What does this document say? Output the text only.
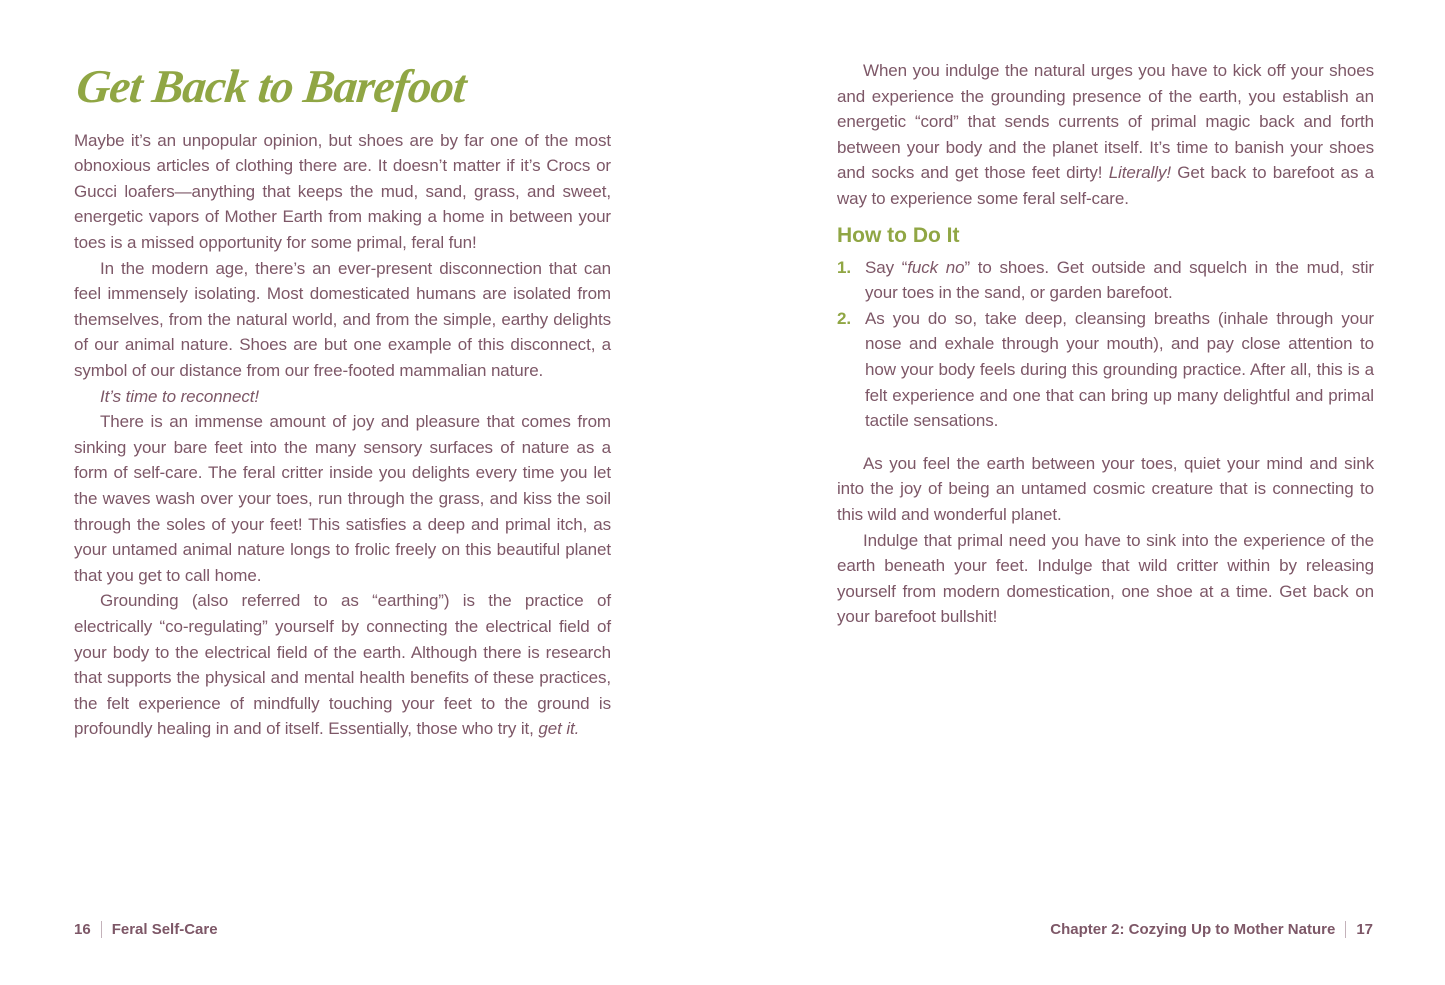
Get Back to Barefoot

Maybe it’s an unpopular opinion, but shoes are by far one of the most obnoxious articles of clothing there are. It doesn’t matter if it’s Crocs or Gucci loafers—anything that keeps the mud, sand, grass, and sweet, energetic vapors of Mother Earth from making a home in between your toes is a missed opportunity for some primal, feral fun!

In the modern age, there’s an ever-present disconnection that can feel immensely isolating. Most domesticated humans are isolated from themselves, from the natural world, and from the simple, earthy delights of our animal nature. Shoes are but one example of this disconnect, a symbol of our distance from our free-footed mammalian nature.

It’s time to reconnect!

There is an immense amount of joy and pleasure that comes from sinking your bare feet into the many sensory surfaces of nature as a form of self-care. The feral critter inside you delights every time you let the waves wash over your toes, run through the grass, and kiss the soil through the soles of your feet! This satisfies a deep and primal itch, as your untamed animal nature longs to frolic freely on this beautiful planet that you get to call home.

Grounding (also referred to as “earthing”) is the practice of electrically “co-regulating” yourself by connecting the electrical field of your body to the electrical field of the earth. Although there is research that supports the physical and mental health benefits of these practices, the felt experience of mindfully touching your feet to the ground is profoundly healing in and of itself. Essentially, those who try it, get it.

16 Feral Self-Care

When you indulge the natural urges you have to kick off your shoes and experience the grounding presence of the earth, you establish an energetic “cord” that sends currents of primal magic back and forth between your body and the planet itself. It’s time to banish your shoes and socks and get those feet dirty! Literally! Get back to barefoot as a way to experience some feral self-care.

How to Do It
1. Say “fuck no” to shoes. Get outside and squelch in the mud, stir your toes in the sand, or garden barefoot.
2. As you do so, take deep, cleansing breaths (inhale through your nose and exhale through your mouth), and pay close attention to how your body feels during this grounding practice. After all, this is a felt experience and one that can bring up many delightful and primal tactile sensations.

As you feel the earth between your toes, quiet your mind and sink into the joy of being an untamed cosmic creature that is connecting to this wild and wonderful planet.

Indulge that primal need you have to sink into the experience of the earth beneath your feet. Indulge that wild critter within by releasing yourself from modern domestication, one shoe at a time. Get back on your barefoot bullshit!

Chapter 2: Cozying Up to Mother Nature 17
